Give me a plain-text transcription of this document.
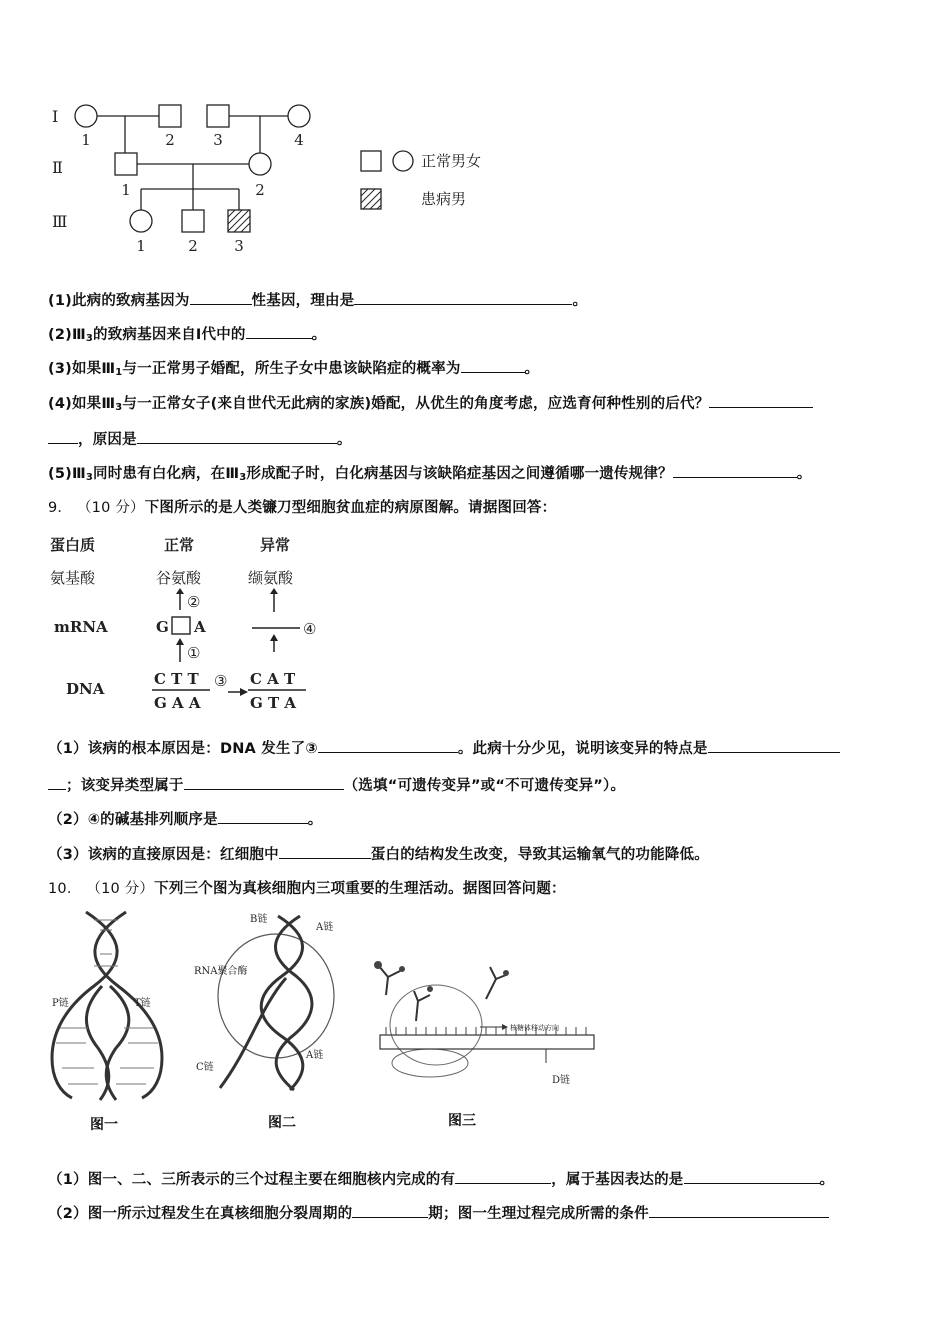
Ⅰ
Ⅱ
Ⅲ
1	2	3	4
1	2
1	2 3
正常男女
患病男
(1)此病的致病基因为	性基因，理由是	。
$(2)Ⅲ_3$的致病基因来自Ⅰ代中的	。
(3)如果$Ⅲ_1$与一正常男子婚配，所生子女中患该缺陷症的概率为	。
(4)如果$Ⅲ_3$与一正常女子(来自世代无此病的家族)婚配，从优生的角度考虑，应选育何种性别的后代？
，原因是	。
$(5)Ⅲ_3$同时患有白化病，在$Ⅲ_3$形成配子时，白化病基因与该缺陷症基因之间遵循哪一遗传规律？	。
9． （10 分）下图所示的是人类镰刀型细胞贫血症的病原图解。请据图回答：
蛋白质	正常	异常
氨基酸	谷氨酸	缬氨酸
mRNA
DNA
②
G A
①
④
C T T
G A A
③ C A T
G T A
（1）该病的根本原因是：DNA 发生了③	。此病十分少见，说明该变异的特点是
；该变异类型属于	（选填“可遗传变异”或“不可遗传变异”）。
（2）④的碱基排列顺序是	。
（3）该病的直接原因是：红细胞中	蛋白的结构发生改变，导致其运输氧气的功能降低。
10． （10 分）下列三个图为真核细胞内三项重要的生理活动。据图回答问题：
P链	T链
图一
B链
A链
RNA聚合酶
C链
A链
图二
核糖体移动方向
D链
图三
（1）图一、二、三所表示的三个过程主要在细胞核内完成的有	，属于基因表达的是	。
（2）图一所示过程发生在真核细胞分裂周期的	期；图一生理过程完成所需的条件
